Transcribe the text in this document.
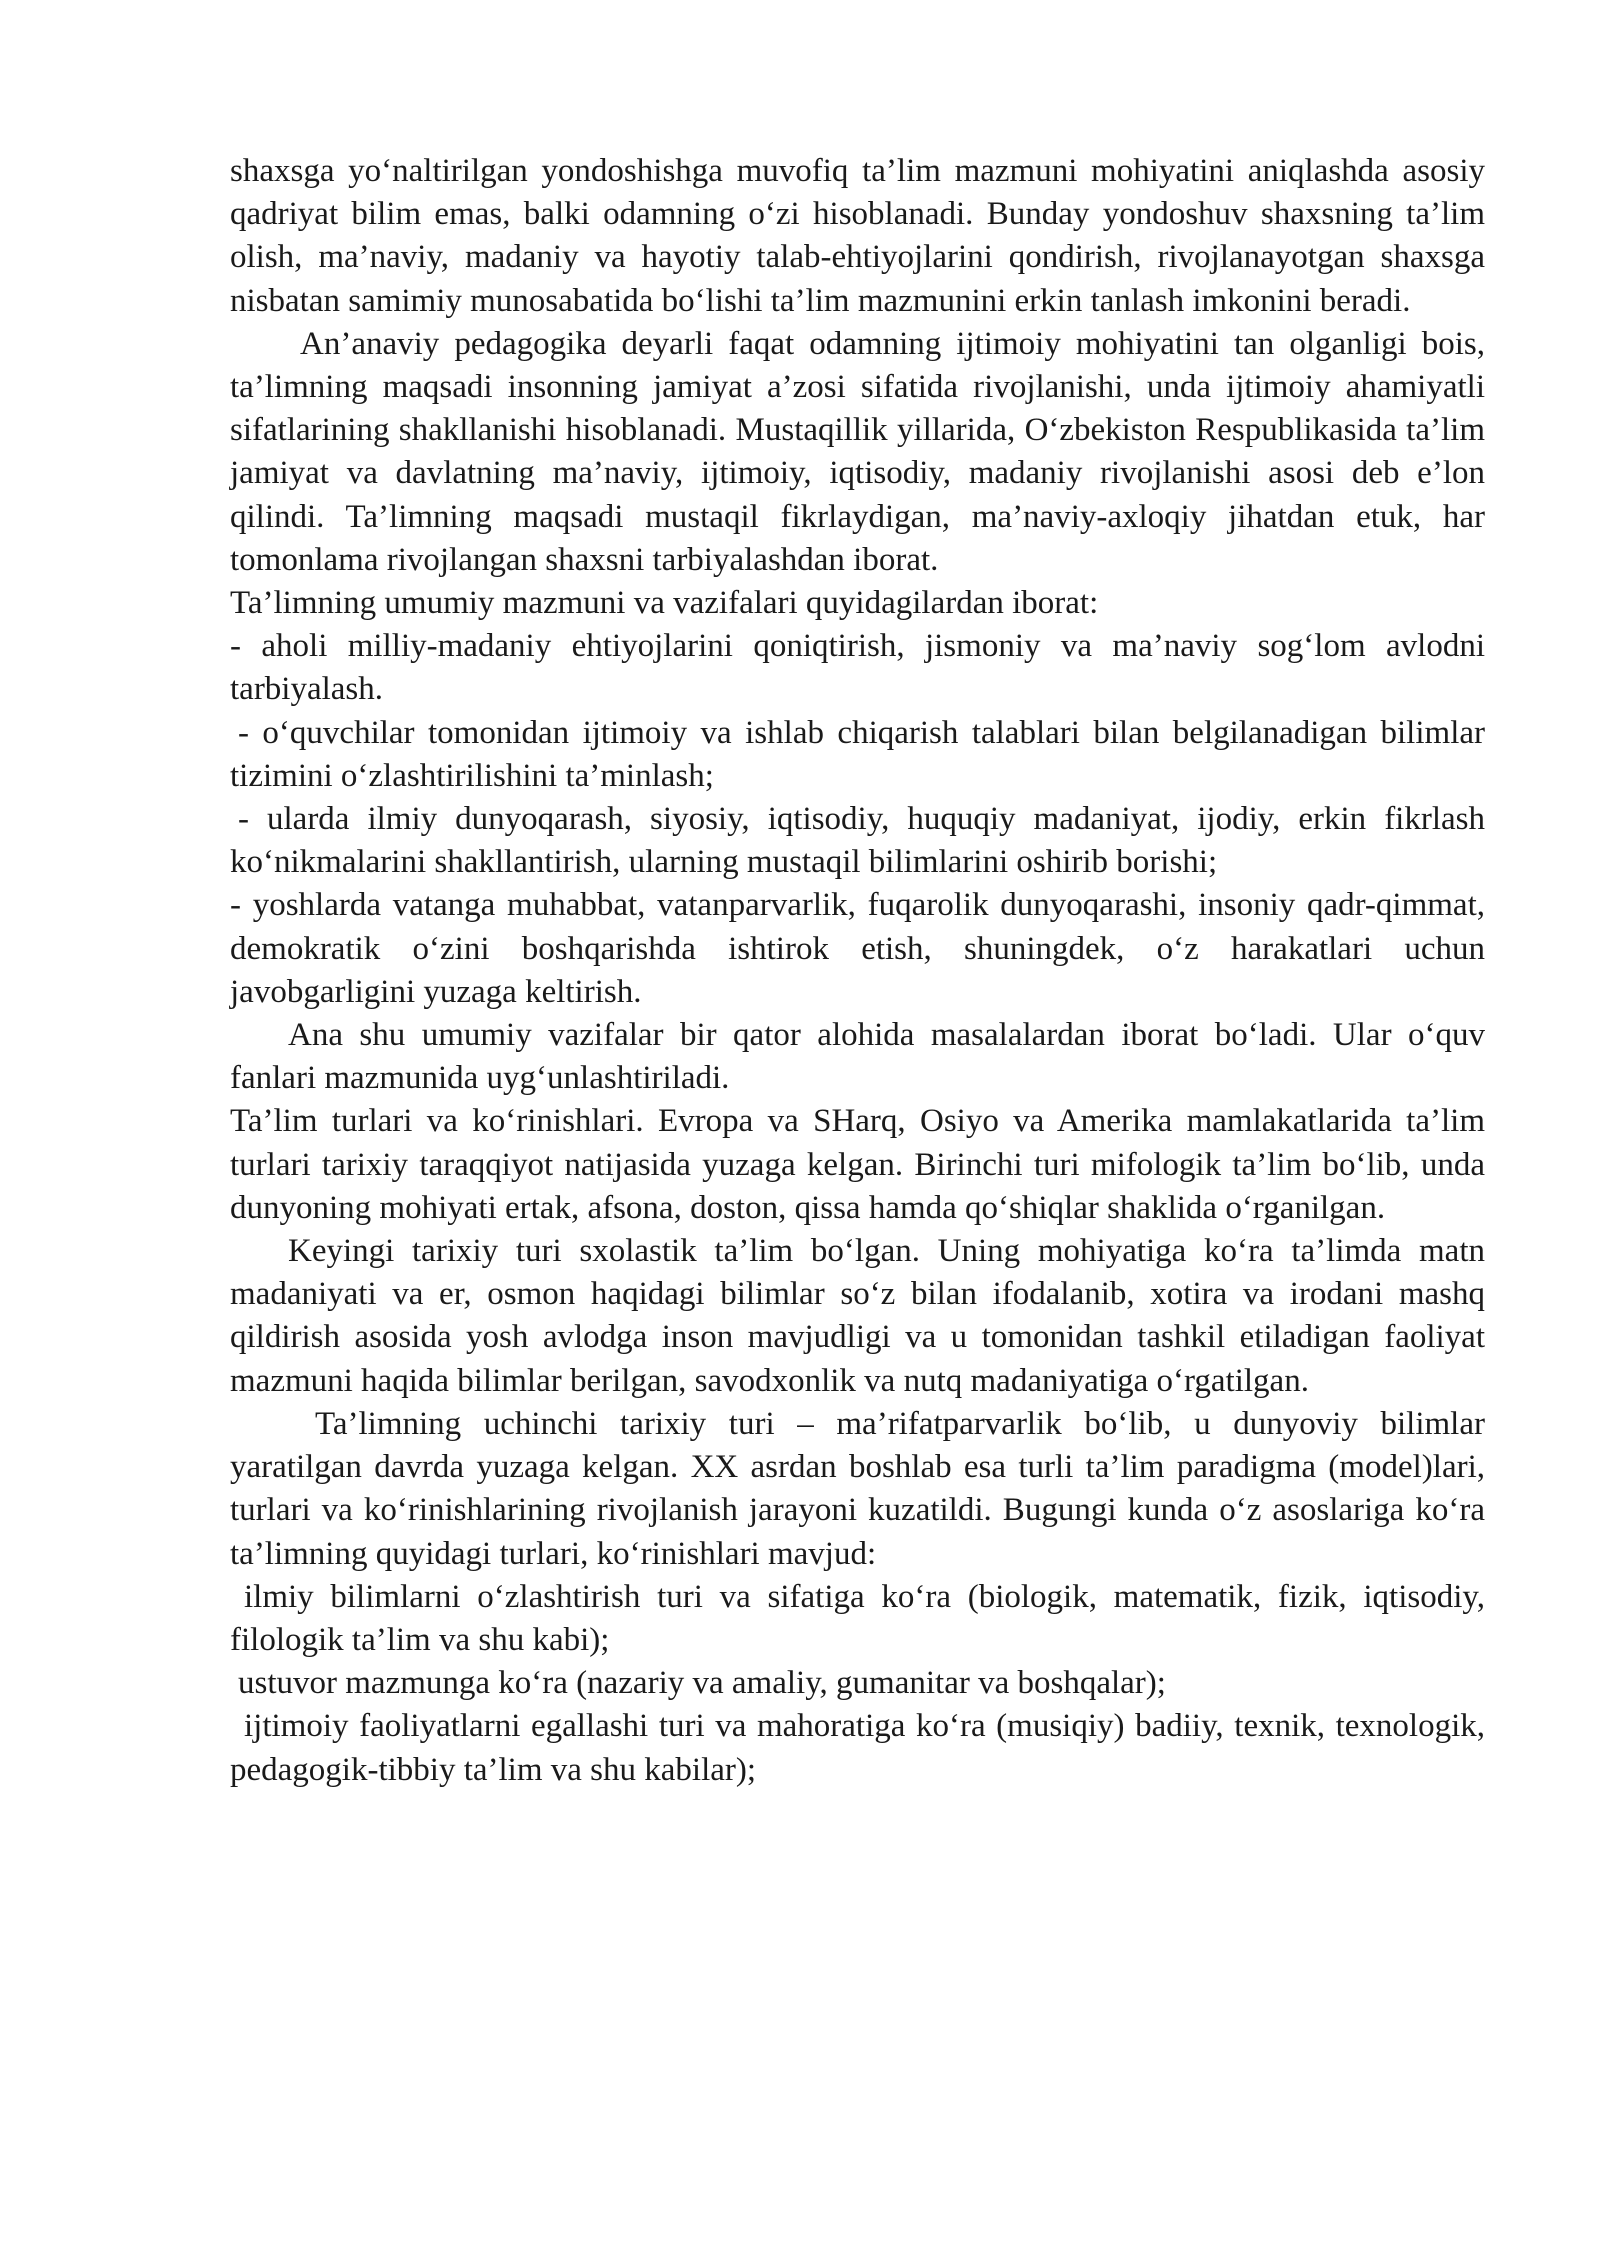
shaxsga yo‘naltirilgan yondoshishga muvofiq ta’lim mazmuni mohiyatini aniqlashda asosiy qadriyat bilim emas, balki odamning o‘zi hisoblanadi. Bunday yondoshuv shaxsning ta’lim olish, ma’naviy, madaniy va hayotiy talab-ehtiyojlarini qondirish, rivojlanayotgan shaxsga nisbatan samimiy munosabatida bo‘lishi ta’lim mazmunini erkin tanlash imkonini beradi.

An’anaviy pedagogika deyarli faqat odamning ijtimoiy mohiyatini tan olganligi bois, ta’limning maqsadi insonning jamiyat a’zosi sifatida rivojlanishi, unda ijtimoiy ahamiyatli sifatlarining shakllanishi hisoblanadi. Mustaqillik yillarida, O‘zbekiston Respublikasida ta’lim jamiyat va davlatning ma’naviy, ijtimoiy, iqtisodiy, madaniy rivojlanishi asosi deb e’lon qilindi. Ta’limning maqsadi mustaqil fikrlaydigan, ma’naviy-axloqiy jihatdan etuk, har tomonlama rivojlangan shaxsni tarbiyalashdan iborat.

Ta’limning umumiy mazmuni va vazifalari quyidagilardan iborat:

- aholi milliy-madaniy ehtiyojlarini qoniqtirish, jismoniy va ma’naviy sog‘lom avlodni tarbiyalash.

- o‘quvchilar tomonidan ijtimoiy va ishlab chiqarish talablari bilan belgilanadigan bilimlar tizimini o‘zlashtirilishini ta’minlash;

- ularda ilmiy dunyoqarash, siyosiy, iqtisodiy, huquqiy madaniyat, ijodiy, erkin fikrlash ko‘nikmalarini shakllantirish, ularning mustaqil bilimlarini oshirib borishi;

- yoshlarda vatanga muhabbat, vatanparvarlik, fuqarolik dunyoqarashi, insoniy qadr-qimmat, demokratik o‘zini boshqarishda ishtirok etish, shuningdek, o‘z harakatlari uchun javobgarligini yuzaga keltirish.

Ana shu umumiy vazifalar bir qator alohida masalalardan iborat bo‘ladi. Ular o‘quv fanlari mazmunida uyg‘unlashtiriladi.

Ta’lim turlari va ko‘rinishlari. Evropa va SHarq, Osiyo va Amerika mamlakatlarida ta’lim turlari tarixiy taraqqiyot natijasida yuzaga kelgan. Birinchi turi mifologik ta’lim bo‘lib, unda dunyoning mohiyati ertak, afsona, doston, qissa hamda qo‘shiqlar shaklida o‘rganilgan.

Keyingi tarixiy turi sxolastik ta’lim bo‘lgan. Uning mohiyatiga ko‘ra ta’limda matn madaniyati va er, osmon haqidagi bilimlar so‘z bilan ifodalanib, xotira va irodani mashq qildirish asosida yosh avlodga inson mavjudligi va u tomonidan tashkil etiladigan faoliyat mazmuni haqida bilimlar berilgan, savodxonlik va nutq madaniyatiga o‘rgatilgan.

Ta’limning uchinchi tarixiy turi – ma’rifatparvarlik bo‘lib, u dunyoviy bilimlar yaratilgan davrda yuzaga kelgan. XX asrdan boshlab esa turli ta’lim paradigma (model)lari, turlari va ko‘rinishlarining rivojlanish jarayoni kuzatildi. Bugungi kunda o‘z asoslariga ko‘ra ta’limning quyidagi turlari, ko‘rinishlari mavjud:

ilmiy bilimlarni o‘zlashtirish turi va sifatiga ko‘ra (biologik, matematik, fizik, iqtisodiy, filologik ta’lim va shu kabi);

ustuvor mazmunga ko‘ra (nazariy va amaliy, gumanitar va boshqalar);

ijtimoiy faoliyatlarni egallashi turi va mahoratiga ko‘ra (musiqiy) badiiy, texnik, texnologik, pedagogik-tibbiy ta’lim va shu kabilar);
